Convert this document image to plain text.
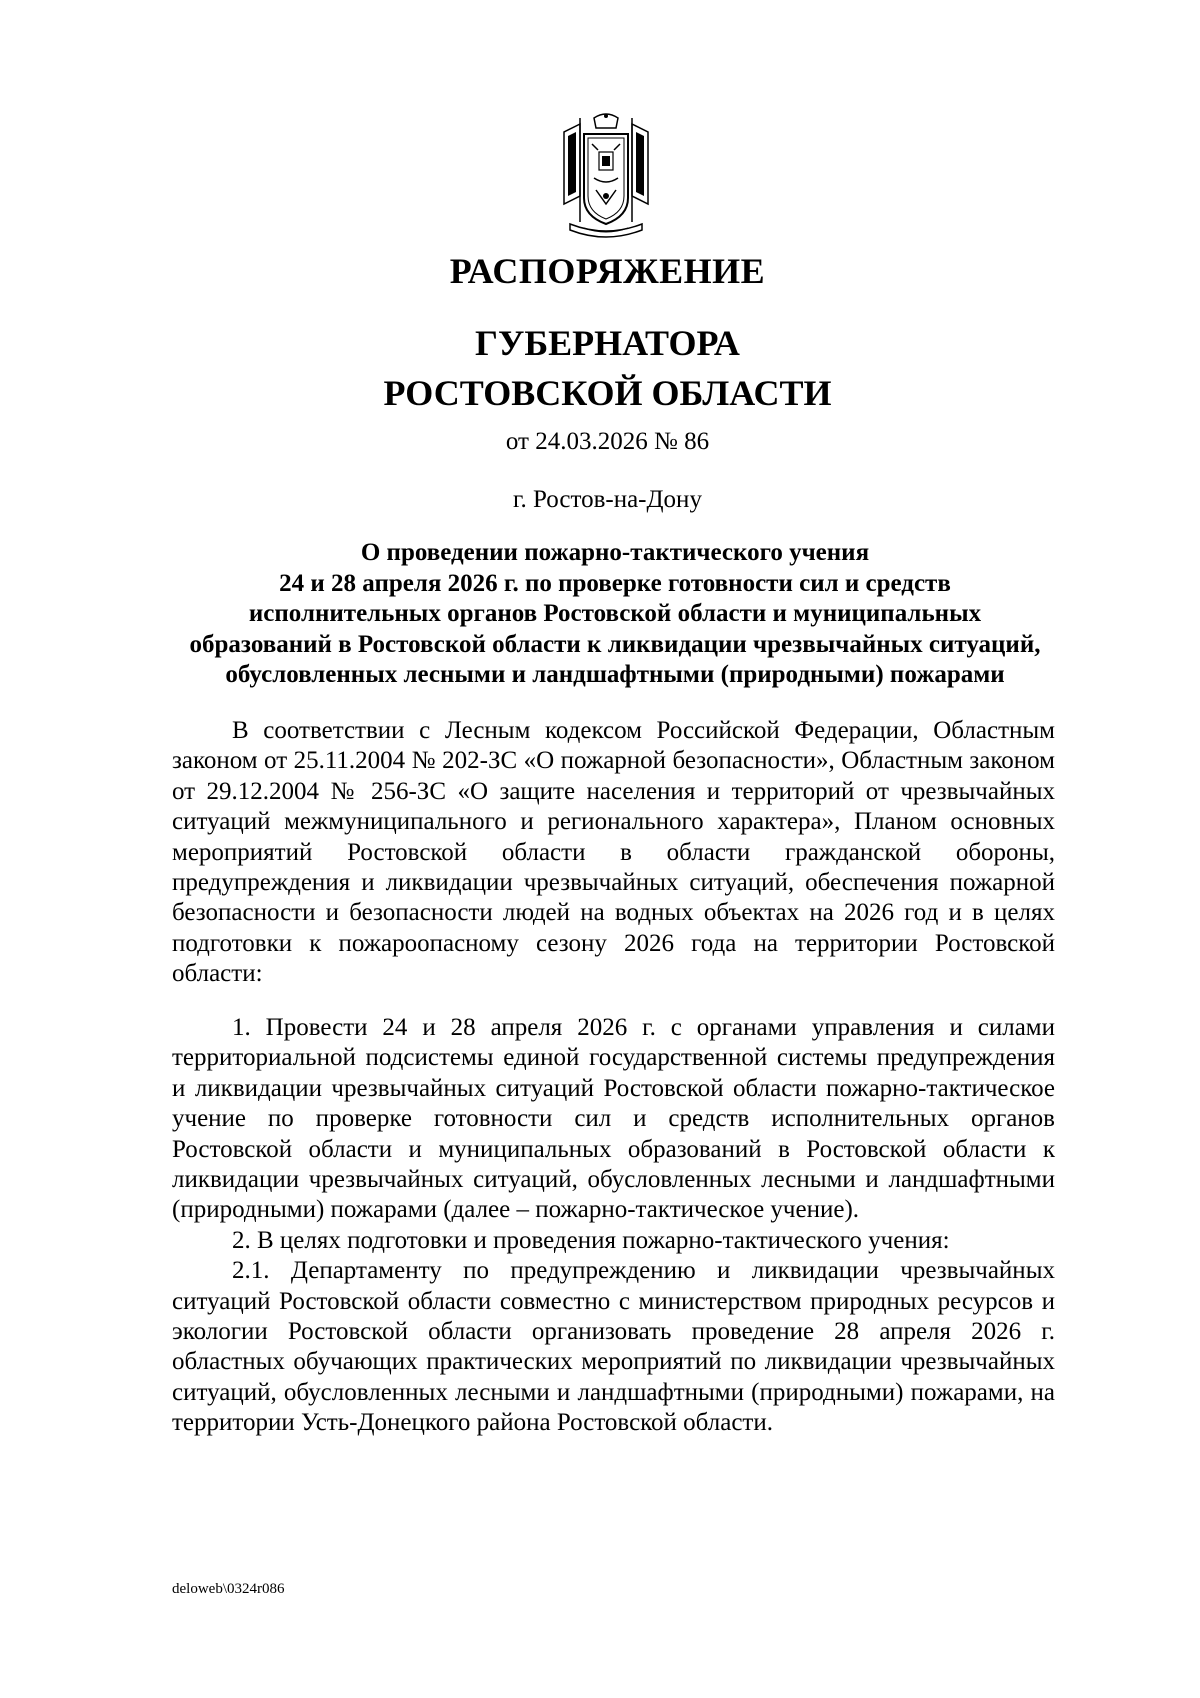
РАСПОРЯЖЕНИЕ
ГУБЕРНАТОРА
РОСТОВСКОЙ ОБЛАСТИ
от 24.03.2026 № 86
г. Ростов-на-Дону
О проведении пожарно-тактического учения
24 и 28 апреля 2026 г. по проверке готовности сил и средств
исполнительных органов Ростовской области и муниципальных
образований в Ростовской области к ликвидации чрезвычайных ситуаций,
обусловленных лесными и ландшафтными (природными) пожарами

В соответствии с Лесным кодексом Российской Федерации, Областным законом от 25.11.2004 № 202-ЗС «О пожарной безопасности», Областным законом от 29.12.2004 № 256-ЗС «О защите населения и территорий от чрезвычайных ситуаций межмуниципального и регионального характера», Планом основных мероприятий Ростовской области в области гражданской обороны, предупреждения и ликвидации чрезвычайных ситуаций, обеспечения пожарной безопасности и безопасности людей на водных объектах на 2026 год и в целях подготовки к пожароопасному сезону 2026 года на территории Ростовской области:

1. Провести 24 и 28 апреля 2026 г. с органами управления и силами территориальной подсистемы единой государственной системы предупреждения и ликвидации чрезвычайных ситуаций Ростовской области пожарно-тактическое учение по проверке готовности сил и средств исполнительных органов Ростовской области и муниципальных образований в Ростовской области к ликвидации чрезвычайных ситуаций, обусловленных лесными и ландшафтными (природными) пожарами (далее – пожарно-тактическое учение).

2. В целях подготовки и проведения пожарно-тактического учения:

2.1. Департаменту по предупреждению и ликвидации чрезвычайных ситуаций Ростовской области совместно с министерством природных ресурсов и экологии Ростовской области организовать проведение 28 апреля 2026 г. областных обучающих практических мероприятий по ликвидации чрезвычайных ситуаций, обусловленных лесными и ландшафтными (природными) пожарами, на территории Усть-Донецкого района Ростовской области.

deloweb\0324r086
